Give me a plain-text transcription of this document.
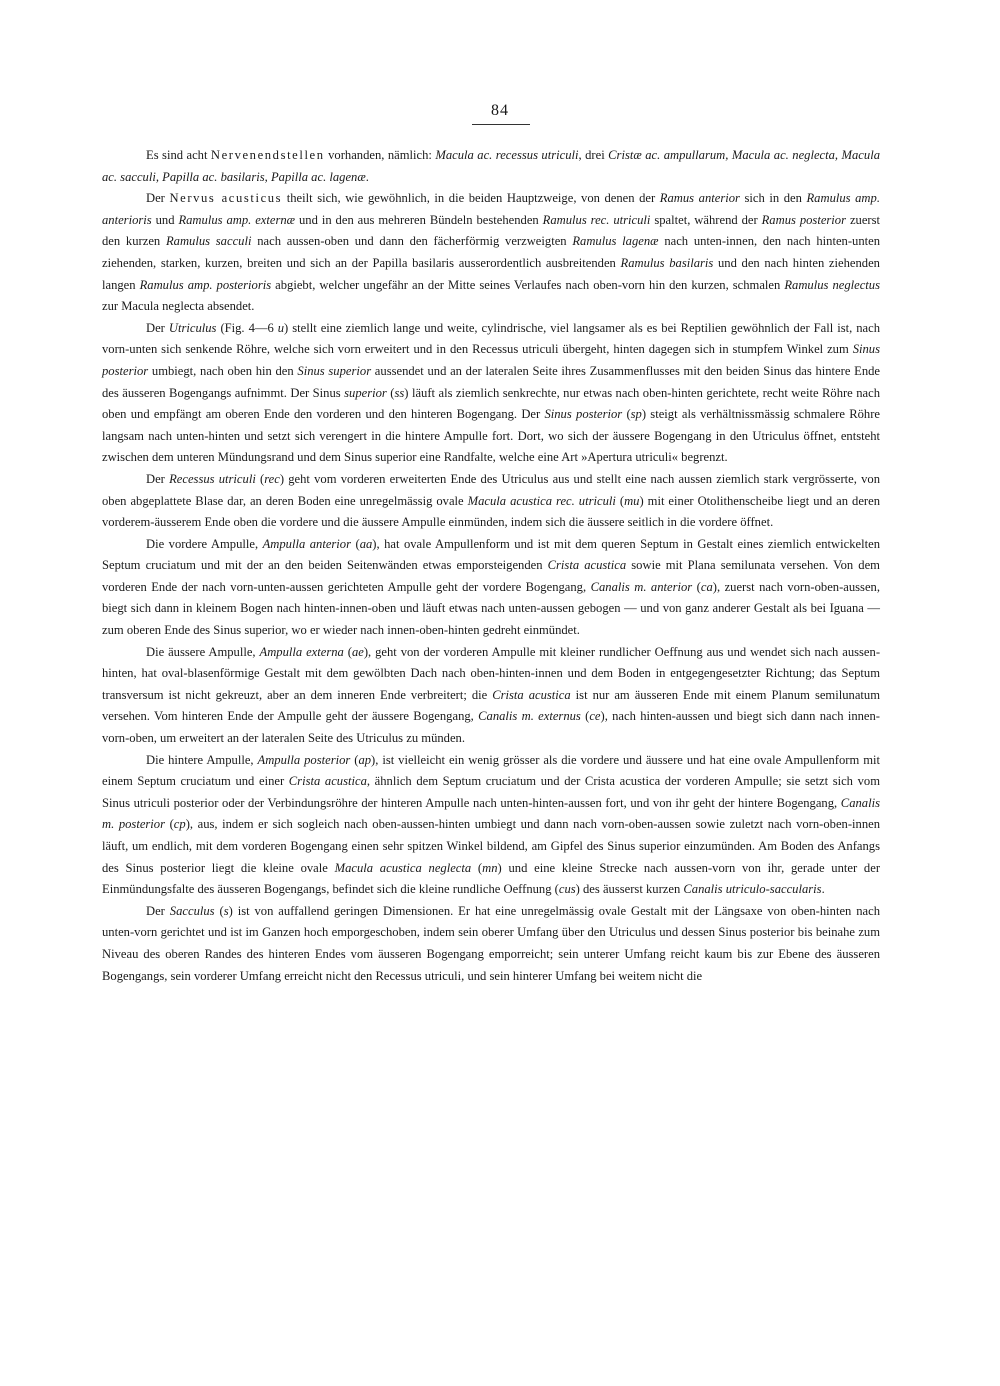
84

Es sind acht Nervenendstellen vorhanden, nämlich: Macula ac. recessus utriculi, drei Cristæ ac. ampullarum, Macula ac. neglecta, Macula ac. sacculi, Papilla ac. basilaris, Papilla ac. lagenæ.

Der Nervus acusticus theilt sich, wie gewöhnlich, in die beiden Hauptzweige, von denen der Ramus anterior sich in den Ramulus amp. anterioris und Ramulus amp. externæ und in den aus mehreren Bündeln bestehenden Ramulus rec. utriculi spaltet, während der Ramus posterior zuerst den kurzen Ramulus sacculi nach aussen-oben und dann den fächerförmig verzweigten Ramulus lagenæ nach unten-innen, den nach hinten-unten ziehenden, starken, kurzen, breiten und sich an der Papilla basilaris ausserordentlich ausbreitenden Ramulus basilaris und den nach hinten ziehenden langen Ramulus amp. posterioris abgiebt, welcher ungefähr an der Mitte seines Verlaufes nach oben-vorn hin den kurzen, schmalen Ramulus neglectus zur Macula neglecta absendet.

Der Utriculus (Fig. 4—6 u) stellt eine ziemlich lange und weite, cylindrische, viel langsamer als es bei Reptilien gewöhnlich der Fall ist, nach vorn-unten sich senkende Röhre, welche sich vorn erweitert und in den Recessus utriculi übergeht, hinten dagegen sich in stumpfem Winkel zum Sinus posterior umbiegt, nach oben hin den Sinus superior aussendet und an der lateralen Seite ihres Zusammenflusses mit den beiden Sinus das hintere Ende des äusseren Bogengangs aufnimmt. Der Sinus superior (ss) läuft als ziemlich senkrechte, nur etwas nach oben-hinten gerichtete, recht weite Röhre nach oben und empfängt am oberen Ende den vorderen und den hinteren Bogengang. Der Sinus posterior (sp) steigt als verhältnissmässig schmalere Röhre langsam nach unten-hinten und setzt sich verengert in die hintere Ampulle fort. Dort, wo sich der äussere Bogengang in den Utriculus öffnet, entsteht zwischen dem unteren Mündungsrand und dem Sinus superior eine Randfalte, welche eine Art »Apertura utriculi« begrenzt.

Der Recessus utriculi (rec) geht vom vorderen erweiterten Ende des Utriculus aus und stellt eine nach aussen ziemlich stark vergrösserte, von oben abgeplattete Blase dar, an deren Boden eine unregelmässig ovale Macula acustica rec. utriculi (mu) mit einer Otolithenscheibe liegt und an deren vorderem-äusserem Ende oben die vordere und die äussere Ampulle einmünden, indem sich die äussere seitlich in die vordere öffnet.

Die vordere Ampulle, Ampulla anterior (aa), hat ovale Ampullenform und ist mit dem queren Septum in Gestalt eines ziemlich entwickelten Septum cruciatum und mit der an den beiden Seitenwänden etwas emporsteigenden Crista acustica sowie mit Plana semilunata versehen. Von dem vorderen Ende der nach vorn-unten-aussen gerichteten Ampulle geht der vordere Bogengang, Canalis m. anterior (ca), zuerst nach vorn-oben-aussen, biegt sich dann in kleinem Bogen nach hinten-innen-oben und läuft etwas nach unten-aussen gebogen — und von ganz anderer Gestalt als bei Iguana — zum oberen Ende des Sinus superior, wo er wieder nach innen-oben-hinten gedreht einmündet.

Die äussere Ampulle, Ampulla externa (ae), geht von der vorderen Ampulle mit kleiner rundlicher Oeffnung aus und wendet sich nach aussen-hinten, hat oval-blasenförmige Gestalt mit dem gewölbten Dach nach oben-hinten-innen und dem Boden in entgegengesetzter Richtung; das Septum transversum ist nicht gekreuzt, aber an dem inneren Ende verbreitert; die Crista acustica ist nur am äusseren Ende mit einem Planum semilunatum versehen. Vom hinteren Ende der Ampulle geht der äussere Bogengang, Canalis m. externus (ce), nach hinten-aussen und biegt sich dann nach innen-vorn-oben, um erweitert an der lateralen Seite des Utriculus zu münden.

Die hintere Ampulle, Ampulla posterior (ap), ist vielleicht ein wenig grösser als die vordere und äussere und hat eine ovale Ampullenform mit einem Septum cruciatum und einer Crista acustica, ähnlich dem Septum cruciatum und der Crista acustica der vorderen Ampulle; sie setzt sich vom Sinus utriculi posterior oder der Verbindungsröhre der hinteren Ampulle nach unten-hinten-aussen fort, und von ihr geht der hintere Bogengang, Canalis m. posterior (cp), aus, indem er sich sogleich nach oben-aussen-hinten umbiegt und dann nach vorn-oben-aussen sowie zuletzt nach vorn-oben-innen läuft, um endlich, mit dem vorderen Bogengang einen sehr spitzen Winkel bildend, am Gipfel des Sinus superior einzumünden. Am Boden des Anfangs des Sinus posterior liegt die kleine ovale Macula acustica neglecta (mn) und eine kleine Strecke nach aussen-vorn von ihr, gerade unter der Einmündungsfalte des äusseren Bogengangs, befindet sich die kleine rundliche Oeffnung (cus) des äusserst kurzen Canalis utriculo-saccularis.

Der Sacculus (s) ist von auffallend geringen Dimensionen. Er hat eine unregelmässig ovale Gestalt mit der Längsaxe von oben-hinten nach unten-vorn gerichtet und ist im Ganzen hoch emporgeschoben, indem sein oberer Umfang über den Utriculus und dessen Sinus posterior bis beinahe zum Niveau des oberen Randes des hinteren Endes vom äusseren Bogengang emporreicht; sein unterer Umfang reicht kaum bis zur Ebene des äusseren Bogengangs, sein vorderer Umfang erreicht nicht den Recessus utriculi, und sein hinterer Umfang bei weitem nicht die
